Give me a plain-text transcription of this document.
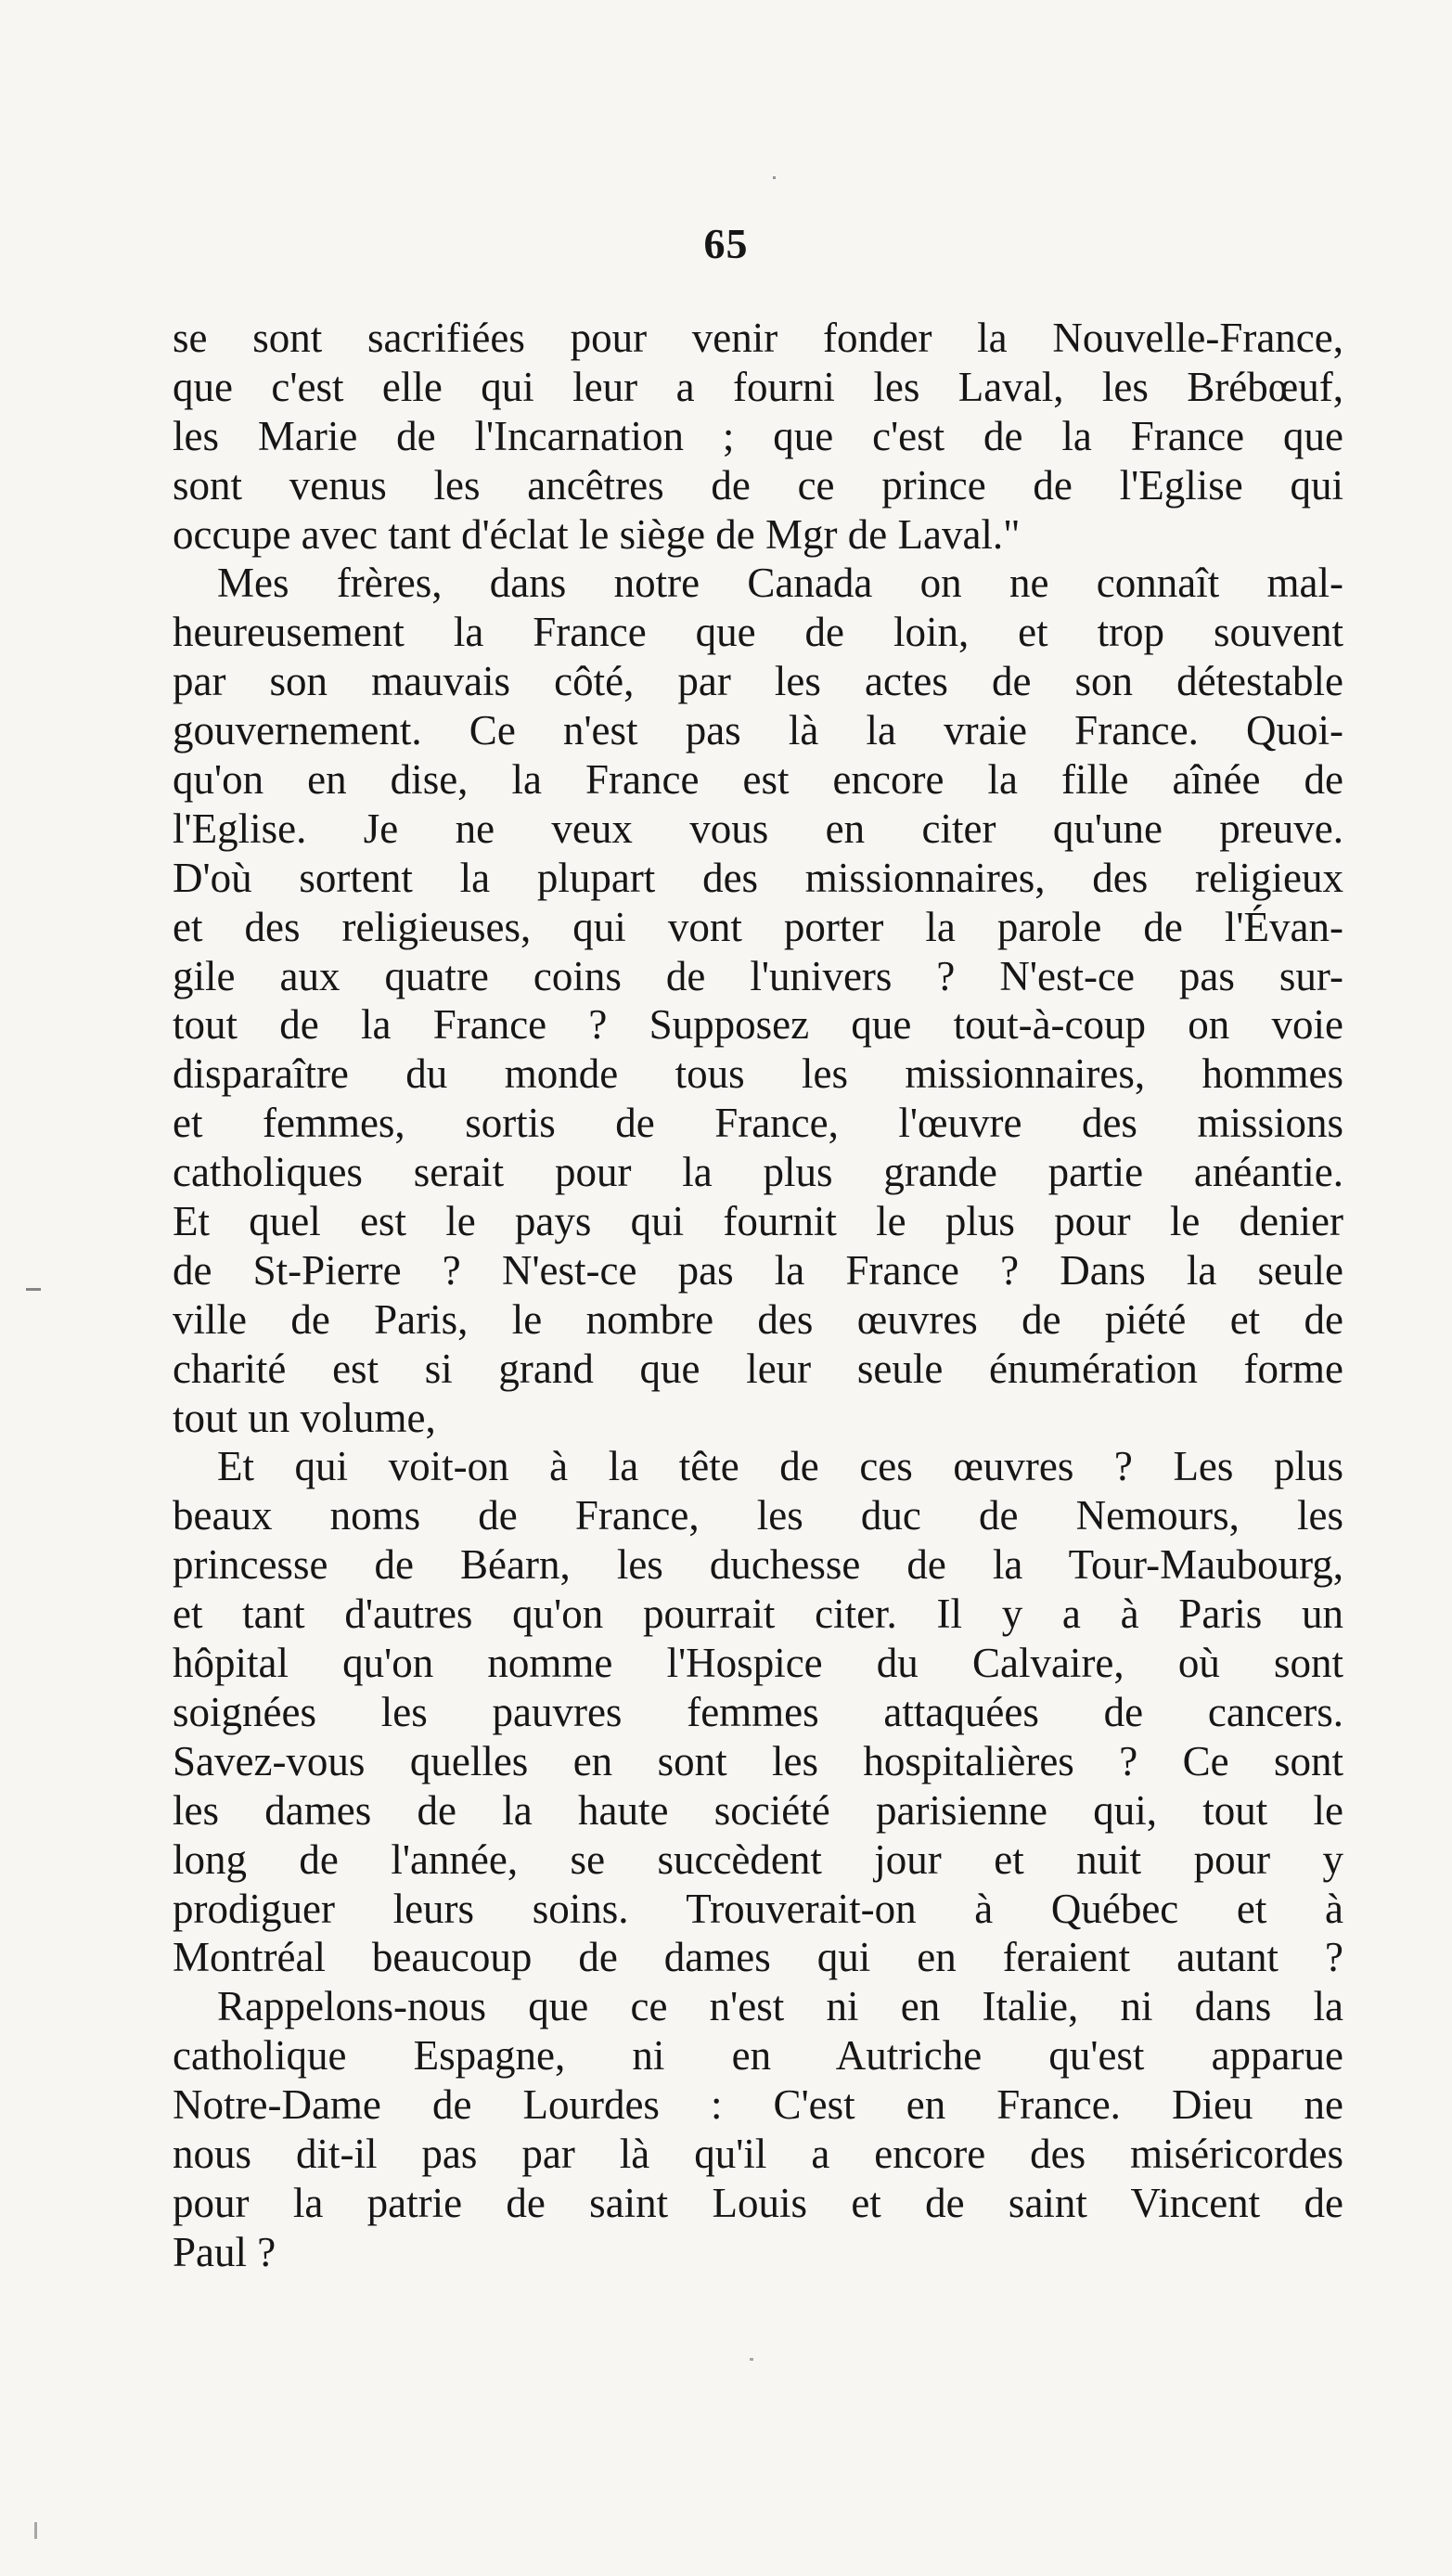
65
se sont sacrifiées pour venir fonder la Nouvelle-France,
que c'est elle qui leur a fourni les Laval, les Brébœuf,
les Marie de l'Incarnation ; que c'est de la France que
sont venus les ancêtres de ce prince de l'Eglise qui
occupe avec tant d'éclat le siège de Mgr de Laval."
Mes frères, dans notre Canada on ne connaît mal-
heureusement la France que de loin, et trop souvent
par son mauvais côté, par les actes de son détestable
gouvernement. Ce n'est pas là la vraie France. Quoi-
qu'on en dise, la France est encore la fille aînée de
l'Eglise. Je ne veux vous en citer qu'une preuve.
D'où sortent la plupart des missionnaires, des religieux
et des religieuses, qui vont porter la parole de l'Évan-
gile aux quatre coins de l'univers ? N'est-ce pas sur-
tout de la France ? Supposez que tout-à-coup on voie
disparaître du monde tous les missionnaires, hommes
et femmes, sortis de France, l'œuvre des missions
catholiques serait pour la plus grande partie anéantie.
Et quel est le pays qui fournit le plus pour le denier
de St-Pierre ? N'est-ce pas la France ? Dans la seule
ville de Paris, le nombre des œuvres de piété et de
charité est si grand que leur seule énumération forme
tout un volume,
Et qui voit-on à la tête de ces œuvres ? Les plus
beaux noms de France, les duc de Nemours, les
princesse de Béarn, les duchesse de la Tour-Maubourg,
et tant d'autres qu'on pourrait citer. Il y a à Paris un
hôpital qu'on nomme l'Hospice du Calvaire, où sont
soignées les pauvres femmes attaquées de cancers.
Savez-vous quelles en sont les hospitalières ? Ce sont
les dames de la haute société parisienne qui, tout le
long de l'année, se succèdent jour et nuit pour y
prodiguer leurs soins. Trouverait-on à Québec et à
Montréal beaucoup de dames qui en feraient autant ?
Rappelons-nous que ce n'est ni en Italie, ni dans la
catholique Espagne, ni en Autriche qu'est apparue
Notre-Dame de Lourdes : C'est en France. Dieu ne
nous dit-il pas par là qu'il a encore des miséricordes
pour la patrie de saint Louis et de saint Vincent de
Paul ?
